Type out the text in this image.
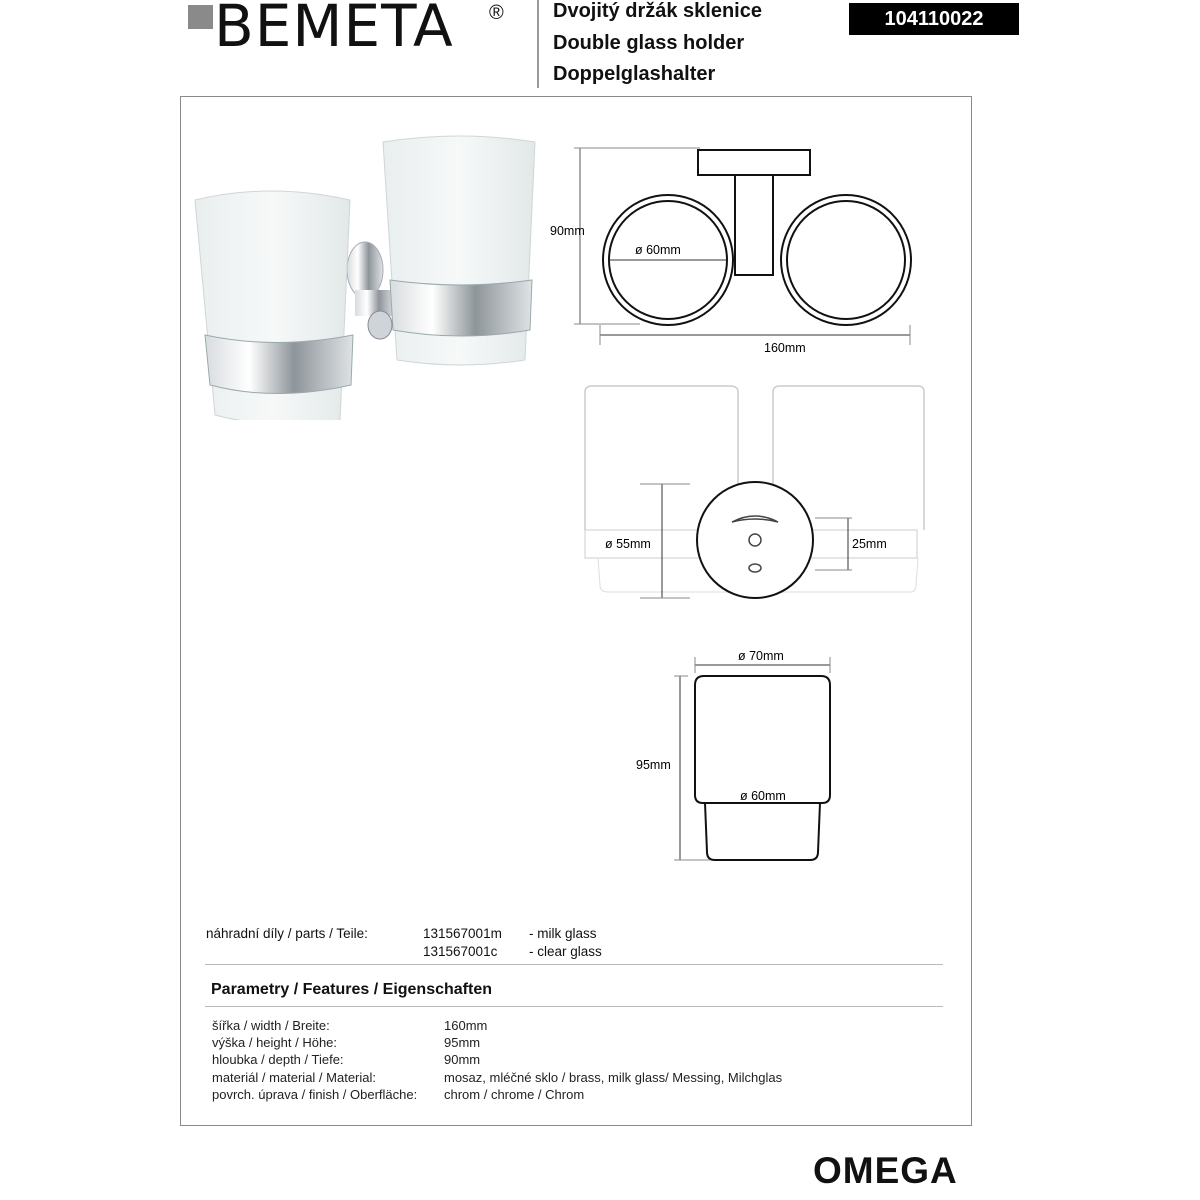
BEMETA ® Dvojitý držák sklenice
Double glass holder
Doppelglashalter
104110022
90mm
ø 60mm
160mm
ø 55mm	25mm
ø 70mm
ø 60mm
95mm
náhradní díly / parts / Teile:	131567001m - milk glass
131567001c - clear glass
Parametry / Features / Eigenschaften
šířka / width / Breite:	160mm
výška / height / Höhe:	95mm
hloubka / depth / Tiefe:	90mm
materiál / material / Material:	mosaz, mléčné sklo / brass, milk glass/ Messing, Milchglas
povrch. úprava / finish / Oberfläche: chrom / chrome / Chrom
OMEGA
